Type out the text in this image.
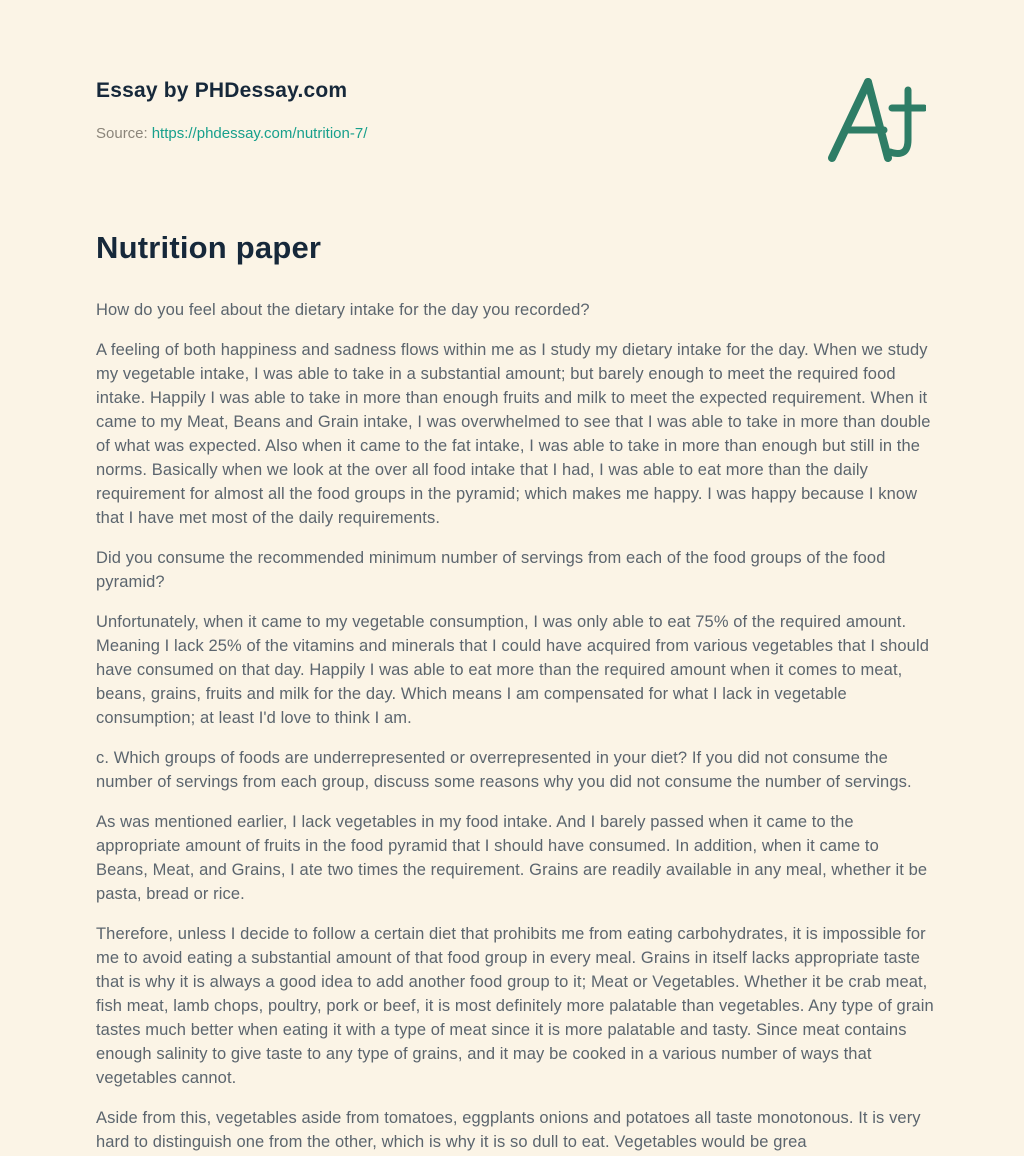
Essay by PHDessay.com
Source: https://phdessay.com/nutrition-7/
Nutrition paper

How do you feel about the dietary intake for the day you recorded?

A feeling of both happiness and sadness flows within me as I study my dietary intake for the day. When we study my vegetable intake, I was able to take in a substantial amount; but barely enough to meet the required food intake. Happily I was able to take in more than enough fruits and milk to meet the expected requirement. When it came to my Meat, Beans and Grain intake, I was overwhelmed to see that I was able to take in more than double of what was expected. Also when it came to the fat intake, I was able to take in more than enough but still in the norms. Basically when we look at the over all food intake that I had, I was able to eat more than the daily requirement for almost all the food groups in the pyramid; which makes me happy. I was happy because I know that I have met most of the daily requirements.

Did you consume the recommended minimum number of servings from each of the food groups of the food pyramid?

Unfortunately, when it came to my vegetable consumption, I was only able to eat 75% of the required amount. Meaning I lack 25% of the vitamins and minerals that I could have acquired from various vegetables that I should have consumed on that day. Happily I was able to eat more than the required amount when it comes to meat, beans, grains, fruits and milk for the day. Which means I am compensated for what I lack in vegetable consumption; at least I'd love to think I am.

c. Which groups of foods are underrepresented or overrepresented in your diet? If you did not consume the number of servings from each group, discuss some reasons why you did not consume the number of servings.

As was mentioned earlier, I lack vegetables in my food intake. And I barely passed when it came to the appropriate amount of fruits in the food pyramid that I should have consumed. In addition, when it came to Beans, Meat, and Grains, I ate two times the requirement. Grains are readily available in any meal, whether it be pasta, bread or rice.

Therefore, unless I decide to follow a certain diet that prohibits me from eating carbohydrates, it is impossible for me to avoid eating a substantial amount of that food group in every meal. Grains in itself lacks appropriate taste that is why it is always a good idea to add another food group to it; Meat or Vegetables. Whether it be crab meat, fish meat, lamb chops, poultry, pork or beef, it is most definitely more palatable than vegetables. Any type of grain tastes much better when eating it with a type of meat since it is more palatable and tasty. Since meat contains enough salinity to give taste to any type of grains, and it may be cooked in a various number of ways that vegetables cannot.

Aside from this, vegetables aside from tomatoes, eggplants onions and potatoes all taste monotonous. It is very hard to distinguish one from the other, which is why it is so dull to eat. Vegetables would be grea
